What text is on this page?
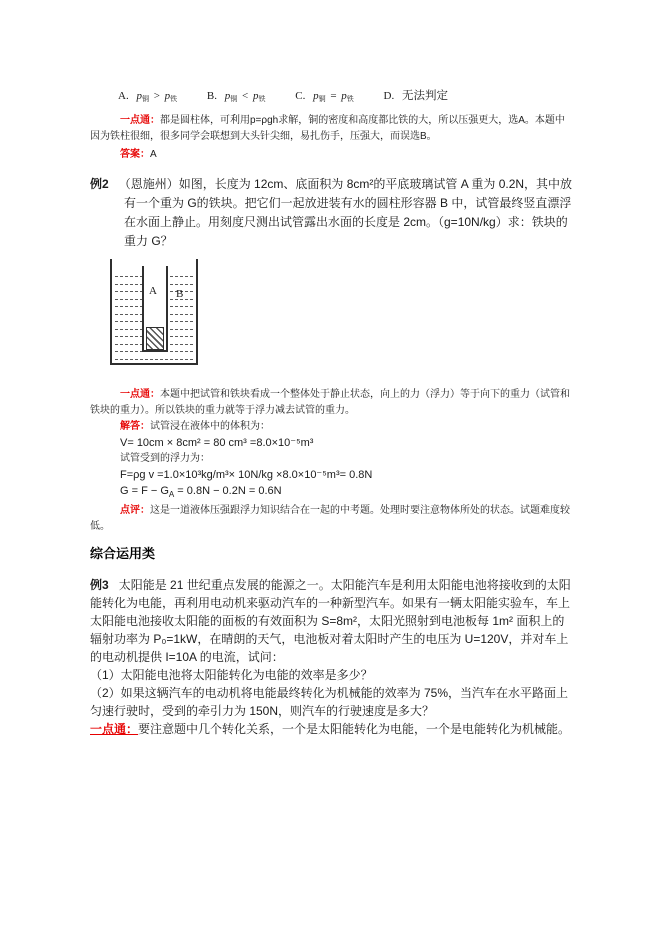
A. $p_铜 > p_铁$	B. $p_铜 < p_铁$	C. $p_铜 = p_铁$	D. 无法判定

一点通：都是圆柱体，可利用p=ρgh求解，铜的密度和高度都比铁的大，所以压强更大，选A。本题中因为铁柱很细，很多同学会联想到大头针尖细，易扎伤手，压强大，而误选B。

答案：A

例2 （恩施州）如图，长度为 12cm、底面积为 8cm²的平底玻璃试管 A 重为 0.2N，其中放有一个重为 G的铁块。把它们一起放进装有水的圆柱形容器 B 中，试管最终竖直漂浮在水面上静止。用刻度尺测出试管露出水面的长度是 2cm。（g=10N/kg）求：铁块的重力 G？

A B

一点通：本题中把试管和铁块看成一个整体处于静止状态，向上的力（浮力）等于向下的重力（试管和铁块的重力）。所以铁块的重力就等于浮力减去试管的重力。

解答：试管浸在液体中的体积为：

V= 10cm × 8cm² = 80 cm³ =8.0×10⁻⁵m³

试管受到的浮力为：

F=ρg v =1.0×10³kg/m³× 10N/kg ×8.0×10⁻⁵m³= 0.8N

$G = F - G_A = 0.8N - 0.2N = 0.6N$

点评：这是一道液体压强跟浮力知识结合在一起的中考题。处理时要注意物体所处的状态。试题难度较低。

综合运用类

例3 太阳能是 21 世纪重点发展的能源之一。太阳能汽车是利用太阳能电池将接收到的太阳能转化为电能，再利用电动机来驱动汽车的一种新型汽车。如果有一辆太阳能实验车，车上太阳能电池接收太阳能的面板的有效面积为 S=8m²，太阳光照射到电池板每 1m² 面积上的辐射功率为 P₀=1kW，在晴朗的天气，电池板对着太阳时产生的电压为 U=120V，并对车上的电动机提供 I=10A 的电流，试问：

（1）太阳能电池将太阳能转化为电能的效率是多少？

（2）如果这辆汽车的电动机将电能最终转化为机械能的效率为 75%，当汽车在水平路面上匀速行驶时，受到的牵引力为 150N，则汽车的行驶速度是多大？

一点通：要注意题中几个转化关系，一个是太阳能转化为电能，一个是电能转化为机械能。
